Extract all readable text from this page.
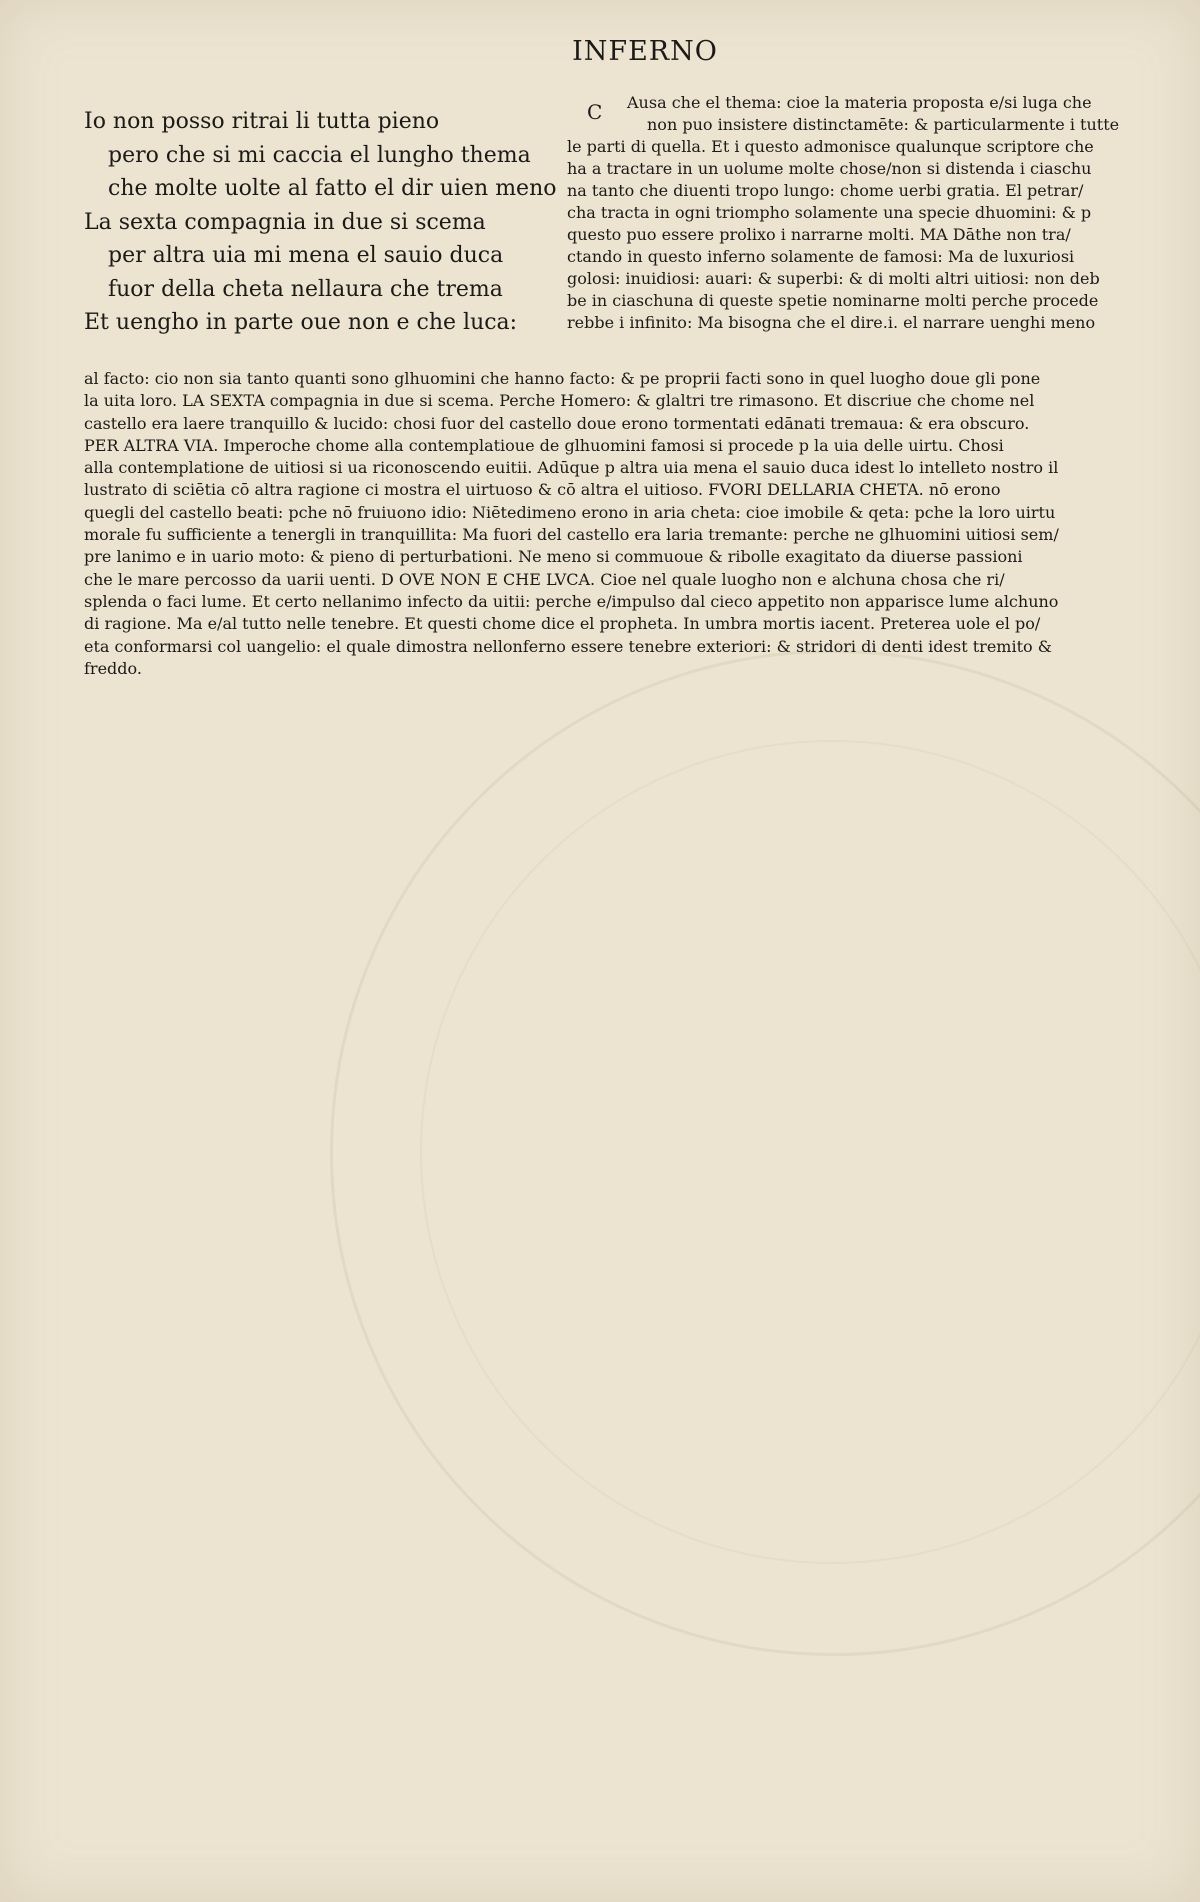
INFERNO
Io non posso ritrai li tutta pieno
pero che si mi caccia el lungho thema
che molte uolte al fatto el dir uien meno
La sexta compagnia in due si scema
per altra uia mi mena el sauio duca
fuor della cheta nellaura che trema
Et uengho in parte oue non e che luca:
C	Ausa che el thema: cioe la materia proposta e/si luga che
non puo insistere distinctamēte: & particularmente i tutte
le parti di quella. Et i questo admonisce qualunque scriptore che
ha a tractare in un uolume molte chose/non si distenda i ciaschu
na tanto che diuenti tropo lungo: chome uerbi gratia. El petrar/
cha tracta in ogni triompho solamente una specie dhuomini: & p
questo puo essere prolixo i narrarne molti. MA Dāthe non tra/
ctando in questo inferno solamente de famosi: Ma de luxuriosi
golosi: inuidiosi: auari: & superbi: & di molti altri uitiosi: non deb
be in ciaschuna di queste spetie nominarne molti perche procede
rebbe i infinito: Ma bisogna che el dire.i. el narrare uenghi meno
al facto: cio non sia tanto quanti sono glhuomini che hanno facto: & pe proprii facti sono in quel luogho doue gli pone
la uita loro. LA SEXTA compagnia in due si scema. Perche Homero: & glaltri tre rimasono. Et discriue che chome nel
castello era laere tranquillo & lucido: chosi fuor del castello doue erono tormentati edānati tremaua: & era obscuro.
PER ALTRA VIA. Imperoche chome alla contemplatioue de glhuomini famosi si procede p la uia delle uirtu. Chosi
alla contemplatione de uitiosi si ua riconoscendo euitii. Adūque p altra uia mena el sauio duca idest lo intelleto nostro il
lustrato di sciētia cō altra ragione ci mostra el uirtuoso & cō altra el uitioso. FVORI DELLARIA CHETA. nō erono
quegli del castello beati: pche nō fruiuono idio: Niētedimeno erono in aria cheta: cioe imobile & qeta: pche la loro uirtu
morale fu sufficiente a tenergli in tranquillita: Ma fuori del castello era laria tremante: perche ne glhuomini uitiosi sem/
pre lanimo e in uario moto: & pieno di perturbationi. Ne meno si commuoue & ribolle exagitato da diuerse passioni
che le mare percosso da uarii uenti. D OVE NON E CHE LVCA. Cioe nel quale luogho non e alchuna chosa che ri/
splenda o faci lume. Et certo nellanimo infecto da uitii: perche e/impulso dal cieco appetito non apparisce lume alchuno
di ragione. Ma e/al tutto nelle tenebre. Et questi chome dice el propheta. In umbra mortis iacent. Preterea uole el po/
eta conformarsi col uangelio: el quale dimostra nellonferno essere tenebre exteriori: & stridori di denti idest tremito &
freddo.
